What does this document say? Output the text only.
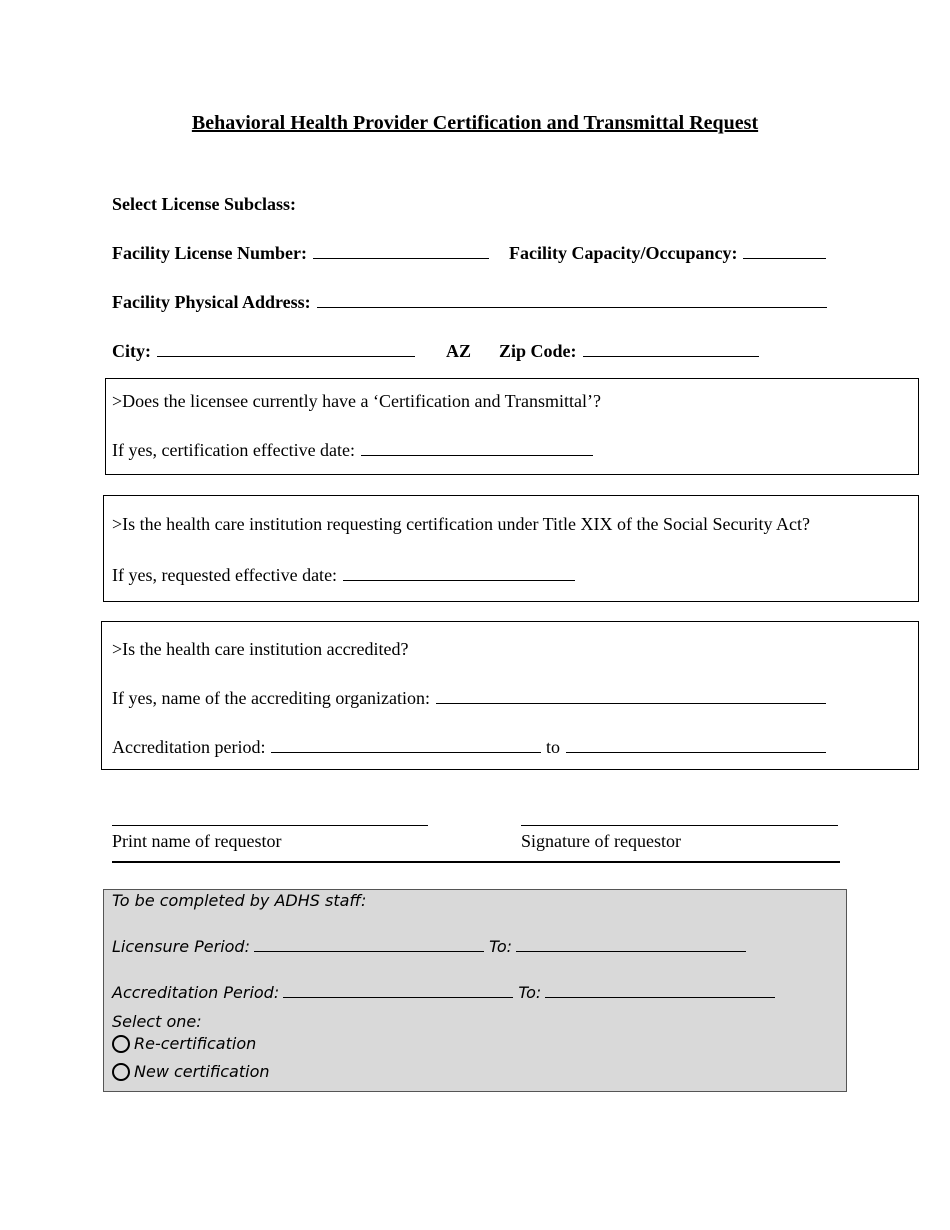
Behavioral Health Provider Certification and Transmittal Request
Select License Subclass:
Facility License Number:	Facility Capacity/Occupancy:
Facility Physical Address:
City:	AZ Zip Code:
>Does the licensee currently have a ‘Certification and Transmittal’?
If yes, certification effective date:
>Is the health care institution requesting certification under Title XIX of the Social Security Act?
If yes, requested effective date:
>Is the health care institution accredited?
If yes, name of the accrediting organization:
Accreditation period:	to
Print name of requestor	Signature of requestor
To be completed by ADHS staff:
Licensure Period:	To:
Accreditation Period:	To:
Select one:
Re-certification
New certification
